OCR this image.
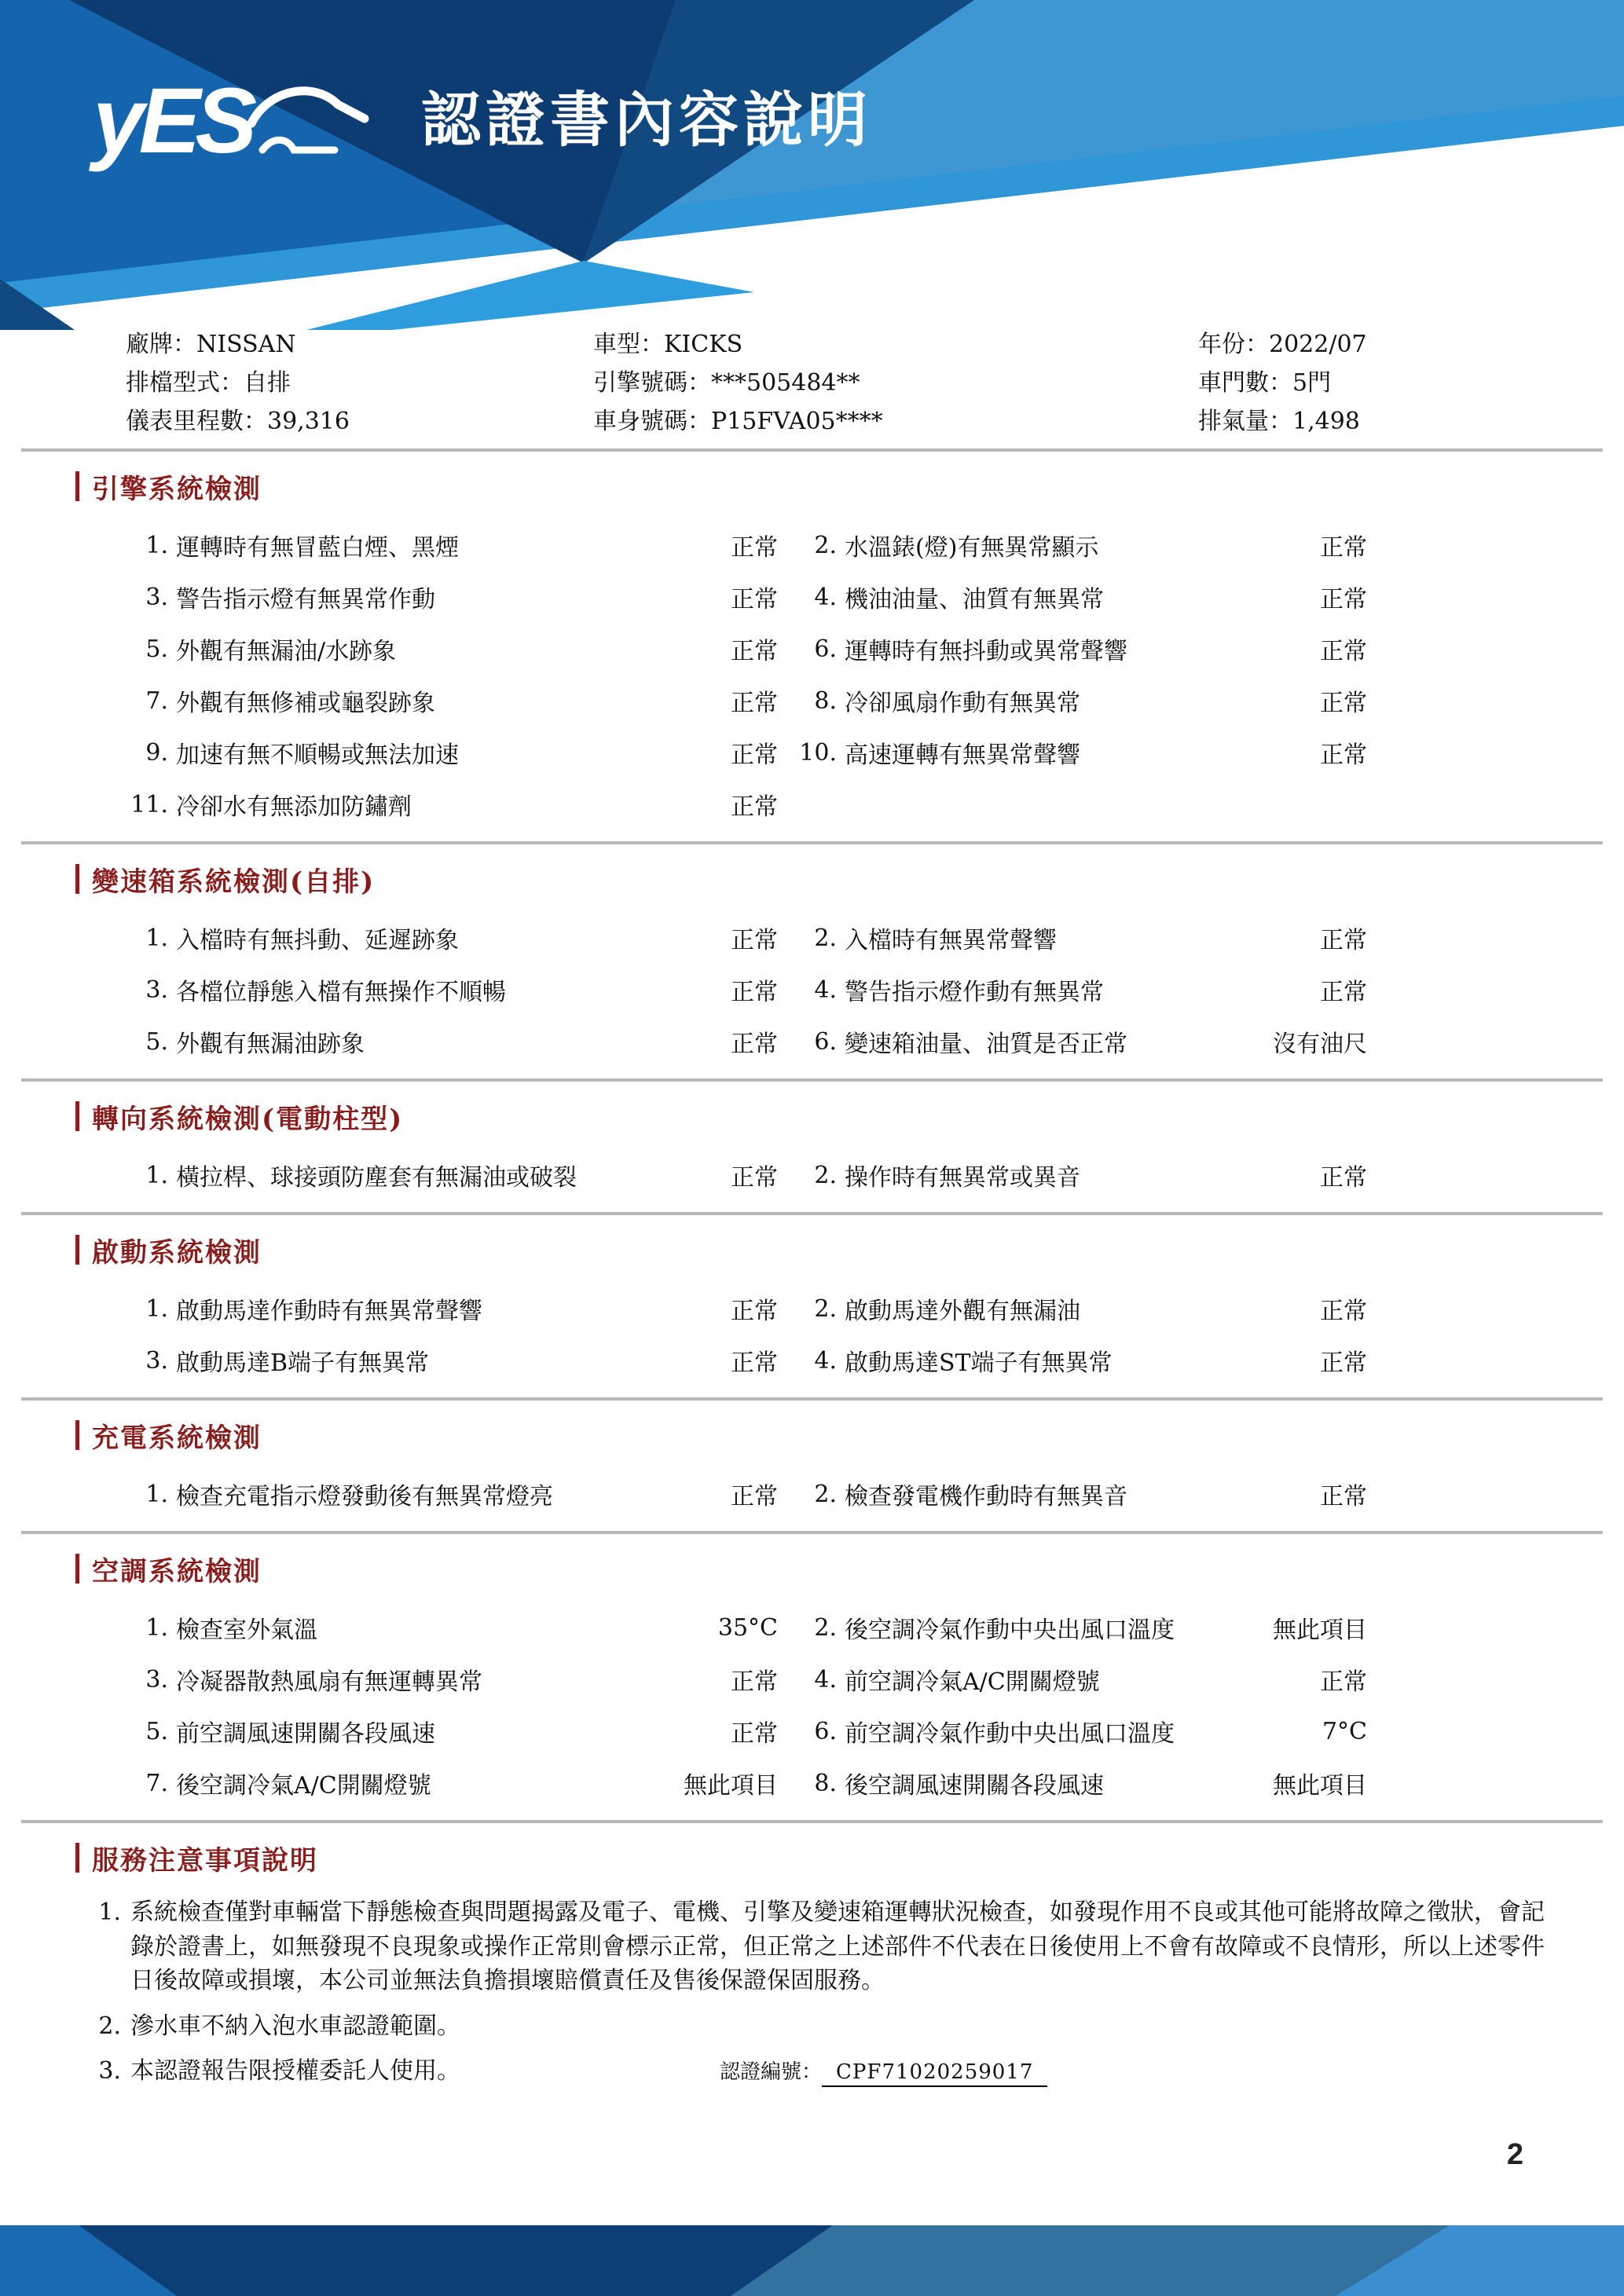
yES	認證書內容說明
廠牌：NISSAN
排檔型式：自排
儀表里程數：39,316
車型：KICKS
引擎號碼：***505484**
車身號碼：P15FVA05****
年份：2022/07
車門數：5門
排氣量：1,498
引擎系統檢測
1. 運轉時有無冒藍白煙、黑煙	正常	2. 水溫錶(燈)有無異常顯示	正常
3. 警告指示燈有無異常作動	正常	4. 機油油量、油質有無異常	正常
5. 外觀有無漏油/水跡象	正常	6. 運轉時有無抖動或異常聲響	正常
7. 外觀有無修補或龜裂跡象	正常	8. 冷卻風扇作動有無異常	正常
9. 加速有無不順暢或無法加速	正常 10. 高速運轉有無異常聲響	正常
11. 冷卻水有無添加防鏽劑	正常
變速箱系統檢測(自排)
1. 入檔時有無抖動、延遲跡象	正常	2. 入檔時有無異常聲響	正常
3. 各檔位靜態入檔有無操作不順暢	正常	4. 警告指示燈作動有無異常	正常
5. 外觀有無漏油跡象	正常	6. 變速箱油量、油質是否正常	沒有油尺
轉向系統檢測(電動柱型)
1. 橫拉桿、球接頭防塵套有無漏油或破裂	正常	2. 操作時有無異常或異音	正常
啟動系統檢測
1. 啟動馬達作動時有無異常聲響	正常	2. 啟動馬達外觀有無漏油	正常
3. 啟動馬達B端子有無異常	正常	4. 啟動馬達ST端子有無異常	正常
充電系統檢測
1. 檢查充電指示燈發動後有無異常燈亮	正常	2. 檢查發電機作動時有無異音	正常
空調系統檢測
1. 檢查室外氣溫	35°C	2. 後空調冷氣作動中央出風口溫度	無此項目
3. 冷凝器散熱風扇有無運轉異常	正常	4. 前空調冷氣A/C開關燈號	正常
5. 前空調風速開關各段風速	正常	6. 前空調冷氣作動中央出風口溫度	7°C
7. 後空調冷氣A/C開關燈號	無此項目	8. 後空調風速開關各段風速	無此項目
服務注意事項說明
1. 系統檢查僅對車輛當下靜態檢查與問題揭露及電子、電機、引擎及變速箱運轉狀況檢查，如發現作用不良或其他可能將故障之徵狀，會記錄於證書上，如無發現不良現象或操作正常則會標示正常，但正常之上述部件不代表在日後使用上不會有故障或不良情形，所以上述零件日後故障或損壞，本公司並無法負擔損壞賠償責任及售後保證保固服務。
2. 滲水車不納入泡水車認證範圍。
3. 本認證報告限授權委託人使用。	認證編號： CPF71020259017
2
